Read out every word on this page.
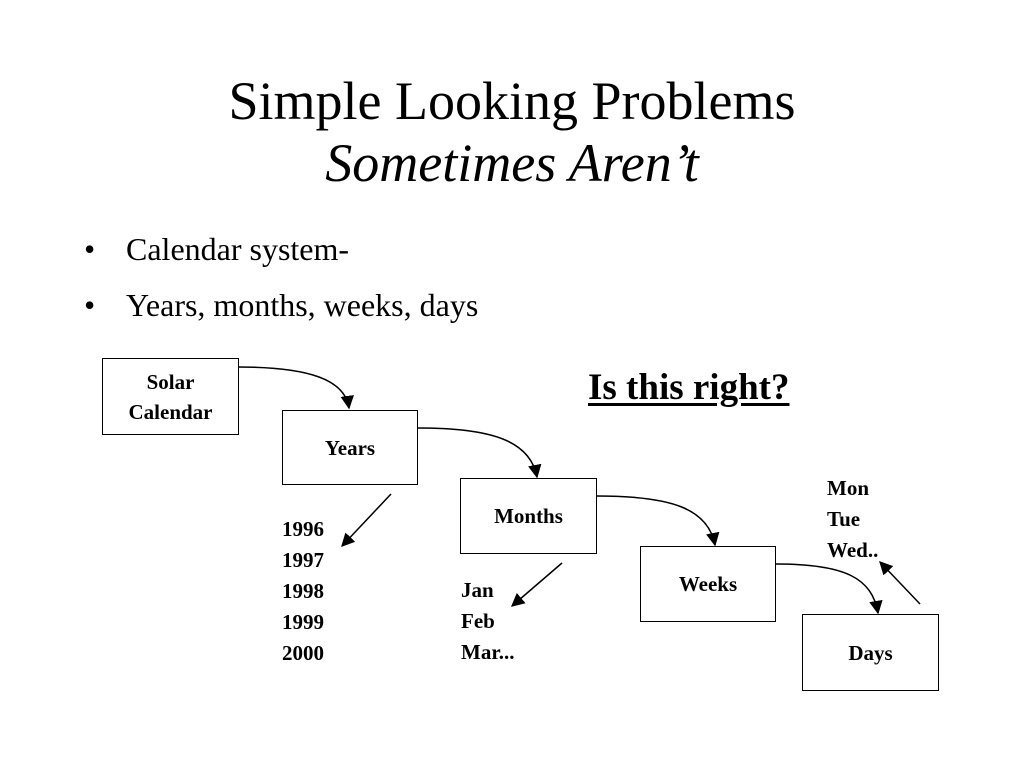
Simple Looking Problems
Sometimes Aren’t
• Calendar system-
• Years, months, weeks, days
Is this right?
Solar
Calendar
Years
Months
Weeks
Days
1996
1997
1998
1999
2000
Jan
Feb
Mar...
Mon
Tue
Wed..
